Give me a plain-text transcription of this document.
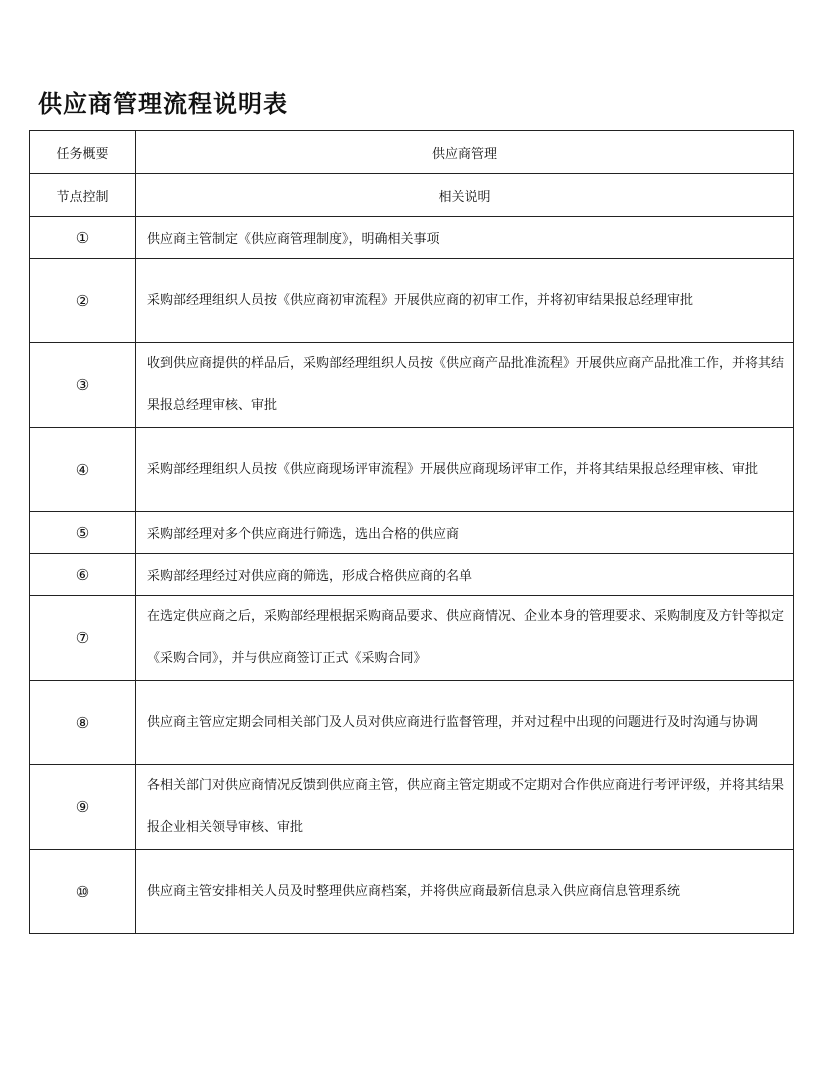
供应商管理流程说明表
任务概要	供应商管理
节点控制	相关说明
①	供应商主管制定《供应商管理制度》，明确相关事项
②	采购部经理组织人员按《供应商初审流程》开展供应商的初审工作，并将初审结果报总经理审批
③	收到供应商提供的样品后，采购部经理组织人员按《供应商产品批准流程》开展供应商产品批准工作，并将其结果报总经理审核、审批
④	采购部经理组织人员按《供应商现场评审流程》开展供应商现场评审工作，并将其结果报总经理审核、审批
⑤	采购部经理对多个供应商进行筛选，选出合格的供应商
⑥	采购部经理经过对供应商的筛选，形成合格供应商的名单
⑦	在选定供应商之后，采购部经理根据采购商品要求、供应商情况、企业本身的管理要求、采购制度及方针等拟定《采购合同》，并与供应商签订正式《采购合同》
⑧	供应商主管应定期会同相关部门及人员对供应商进行监督管理，并对过程中出现的问题进行及时沟通与协调
⑨	各相关部门对供应商情况反馈到供应商主管，供应商主管定期或不定期对合作供应商进行考评评级，并将其结果报企业相关领导审核、审批
⑩	供应商主管安排相关人员及时整理供应商档案，并将供应商最新信息录入供应商信息管理系统
